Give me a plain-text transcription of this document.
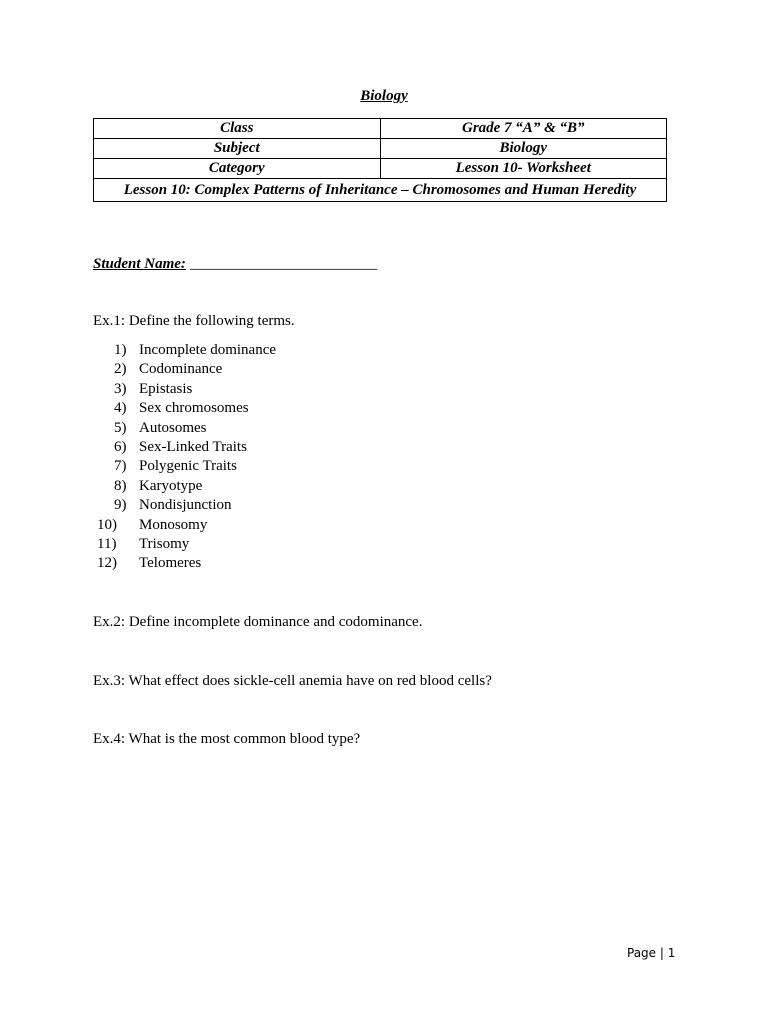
Biology
Class	Grade 7 “A” & “B”
Subject	Biology
Category	Lesson 10- Worksheet
Lesson 10: Complex Patterns of Inheritance – Chromosomes and Human Heredity	
Student Name: _________________________
Ex.1: Define the following terms.
1) Incomplete dominance
2) Codominance
3) Epistasis
4) Sex chromosomes
5) Autosomes
6) Sex-Linked Traits
7) Polygenic Traits
8) Karyotype
9) Nondisjunction
10)	Monosomy
11)	Trisomy
12)	Telomeres
Ex.2: Define incomplete dominance and codominance.
Ex.3: What effect does sickle-cell anemia have on red blood cells?
Ex.4: What is the most common blood type?
Page | 1
